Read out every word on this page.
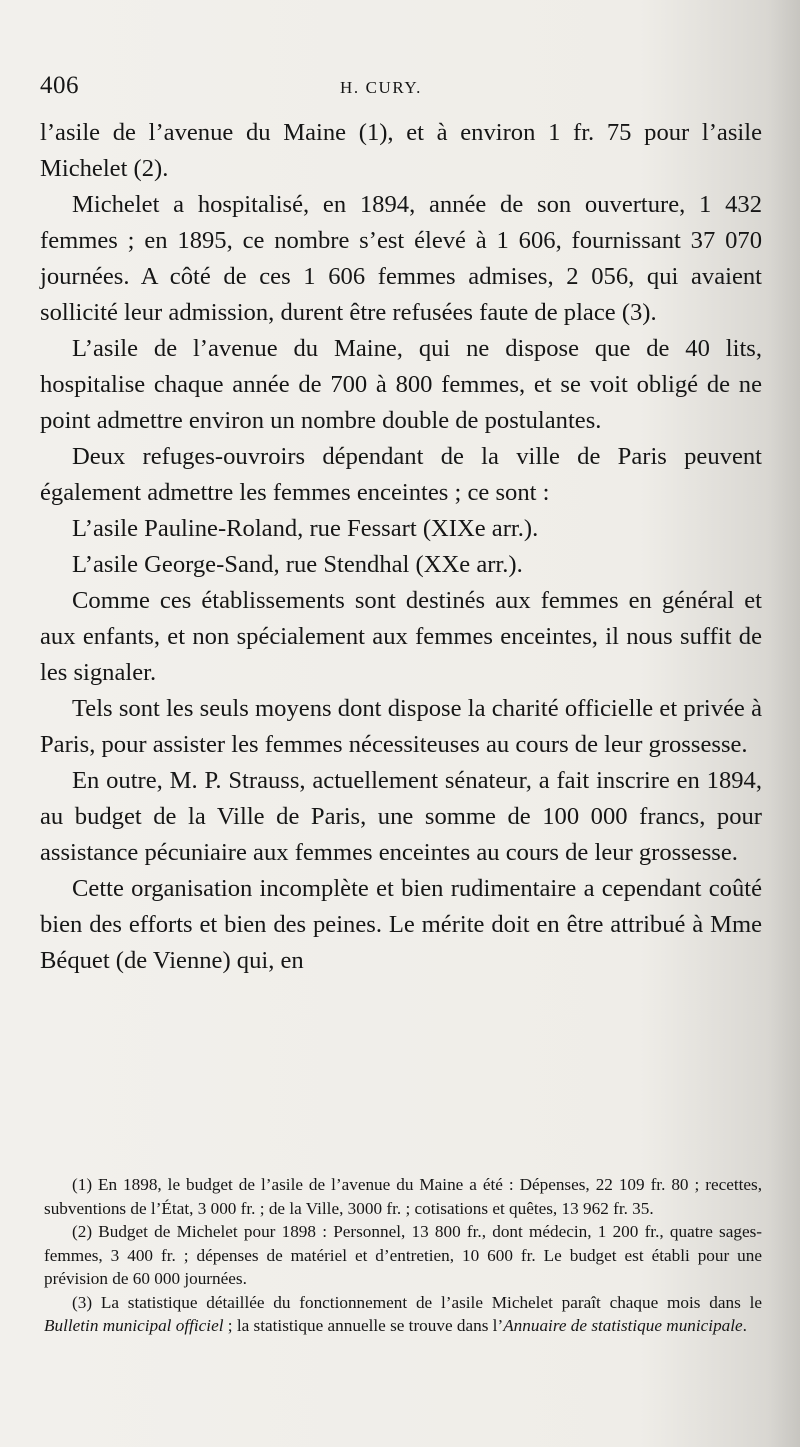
406	H. CURY.

l’asile de l’avenue du Maine (1), et à environ 1 fr. 75 pour l’asile Michelet (2).

Michelet a hospitalisé, en 1894, année de son ouverture, 1 432 femmes ; en 1895, ce nombre s’est élevé à 1 606, fournissant 37 070 journées. A côté de ces 1 606 femmes admises, 2 056, qui avaient sollicité leur admission, durent être refusées faute de place (3).

L’asile de l’avenue du Maine, qui ne dispose que de 40 lits, hospitalise chaque année de 700 à 800 femmes, et se voit obligé de ne point admettre environ un nombre double de postulantes.

Deux refuges-ouvroirs dépendant de la ville de Paris peuvent également admettre les femmes enceintes ; ce sont :

L’asile Pauline-Roland, rue Fessart (XIXe arr.).

L’asile George-Sand, rue Stendhal (XXe arr.).

Comme ces établissements sont destinés aux femmes en général et aux enfants, et non spécialement aux femmes enceintes, il nous suffit de les signaler.

Tels sont les seuls moyens dont dispose la charité officielle et privée à Paris, pour assister les femmes nécessiteuses au cours de leur grossesse.

En outre, M. P. Strauss, actuellement sénateur, a fait inscrire en 1894, au budget de la Ville de Paris, une somme de 100 000 francs, pour assistance pécuniaire aux femmes enceintes au cours de leur grossesse.

Cette organisation incomplète et bien rudimentaire a cependant coûté bien des efforts et bien des peines. Le mérite doit en être attribué à Mme Béquet (de Vienne) qui, en

(1) En 1898, le budget de l’asile de l’avenue du Maine a été : Dépenses, 22 109 fr. 80 ; recettes, subventions de l’État, 3 000 fr. ; de la Ville, 3000 fr. ; cotisations et quêtes, 13 962 fr. 35.

(2) Budget de Michelet pour 1898 : Personnel, 13 800 fr., dont médecin, 1 200 fr., quatre sages-femmes, 3 400 fr. ; dépenses de matériel et d’entretien, 10 600 fr. Le budget est établi pour une prévision de 60 000 journées.

(3) La statistique détaillée du fonctionnement de l’asile Michelet paraît chaque mois dans le Bulletin municipal officiel ; la statistique annuelle se trouve dans l’Annuaire de statistique municipale.
